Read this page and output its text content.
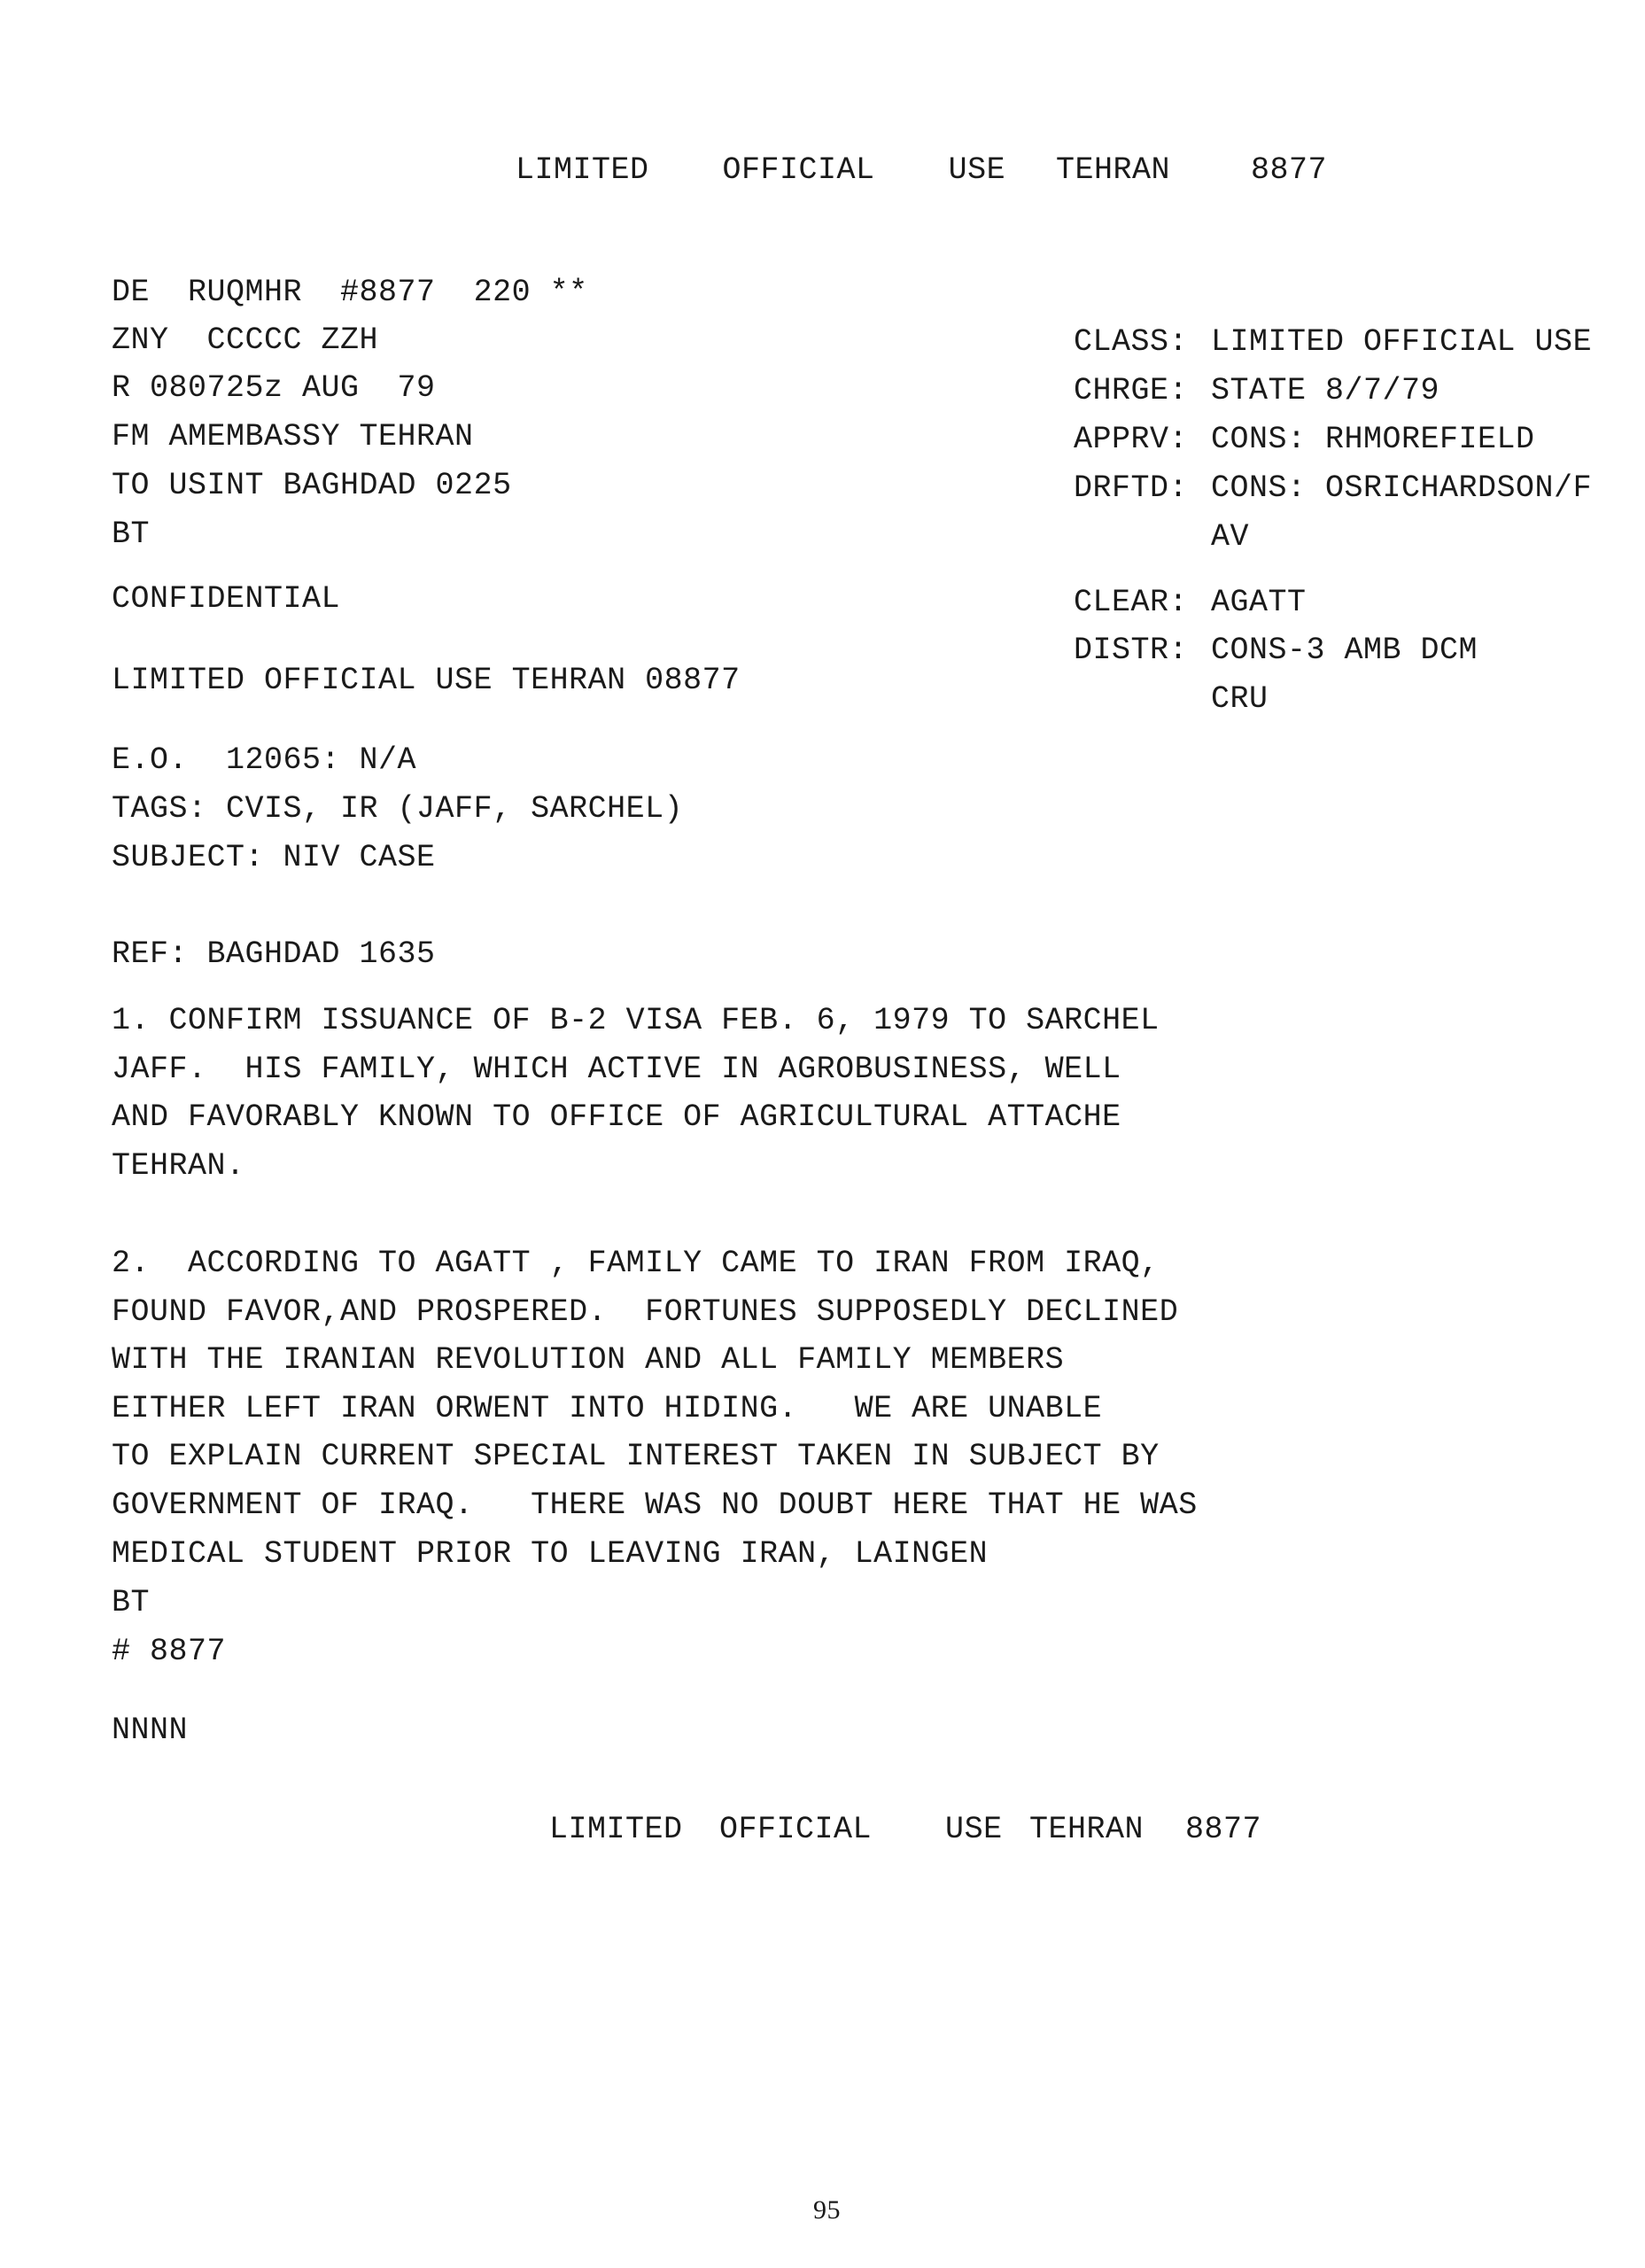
LIMITED  OFFICIAL  USE TEHRAN	8877
DE  RUQMHR  #8877  220 **
ZNY  CCCCC ZZH
R 080725z AUG  79
FM AMEMBASSY TEHRAN
TO USINT BAGHDAD 0225
BT
CONFIDENTIAL
LIMITED OFFICIAL USE TEHRAN 08877
E.O.  12065: N/A
TAGS: CVIS, IR (JAFF, SARCHEL)
SUBJECT: NIV CASE
REF: BAGHDAD 1635
1. CONFIRM ISSUANCE OF B-2 VISA FEB. 6, 1979 TO SARCHEL
JAFF.  HIS FAMILY, WHICH ACTIVE IN AGROBUSINESS, WELL
AND FAVORABLY KNOWN TO OFFICE OF AGRICULTURAL ATTACHE
TEHRAN.
2.  ACCORDING TO AGATT , FAMILY CAME TO IRAN FROM IRAQ,
FOUND FAVOR,AND PROSPERED.  FORTUNES SUPPOSEDLY DECLINED
WITH THE IRANIAN REVOLUTION AND ALL FAMILY MEMBERS
EITHER LEFT IRAN ORWENT INTO HIDING.   WE ARE UNABLE
TO EXPLAIN CURRENT SPECIAL INTEREST TAKEN IN SUBJECT BY
GOVERNMENT OF IRAQ.   THERE WAS NO DOUBT HERE THAT HE WAS
MEDICAL STUDENT PRIOR TO LEAVING IRAN, LAINGEN
BT
# 8877
NNNN
CLASS: LIMITED OFFICIAL USE
CHRGE: STATE 8/7/79
APPRV: CONS: RHMOREFIELD
DRFTD: CONS: OSRICHARDSON/F
AV
CLEAR: AGATT
DISTR: CONS-3 AMB DCM
CRU
LIMITED OFFICIAL  USE TEHRAN 8877
95
